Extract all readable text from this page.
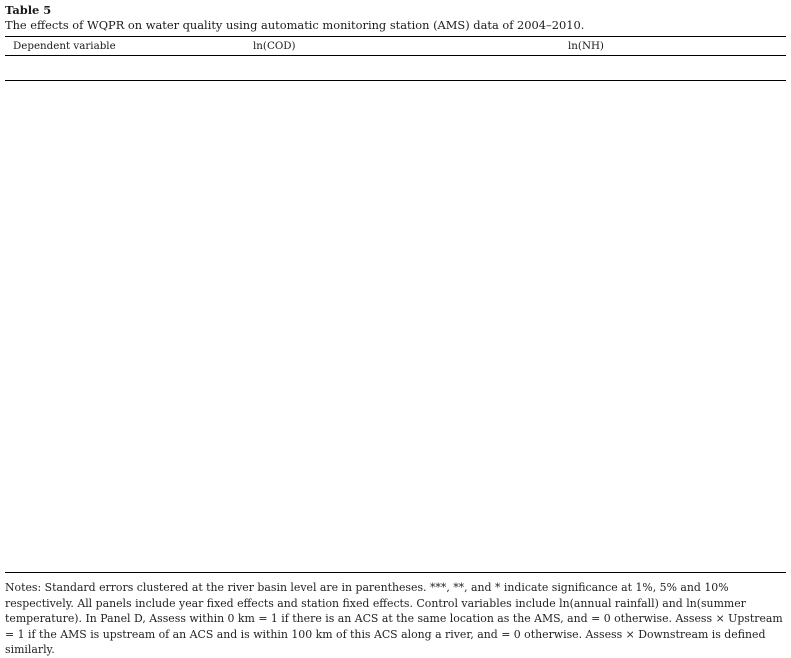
Table 5
The effects of WQPR on water quality using automatic monitoring station (AMS) data of 2004–2010.
Dependent variable	ln(COD)	ln(NH)
Notes: Standard errors clustered at the river basin level are in parentheses. ***, **, and * indicate significance at 1%, 5% and 10% respectively. All panels include year fixed effects and station fixed effects. Control variables include ln(annual rainfall) and ln(summer temperature). In Panel D, Assess within 0 km = 1 if there is an ACS at the same location as the AMS, and = 0 otherwise. Assess × Upstream = 1 if the AMS is upstream of an ACS and is within 100 km of this ACS along a river, and = 0 otherwise. Assess × Downstream is defined similarly.
